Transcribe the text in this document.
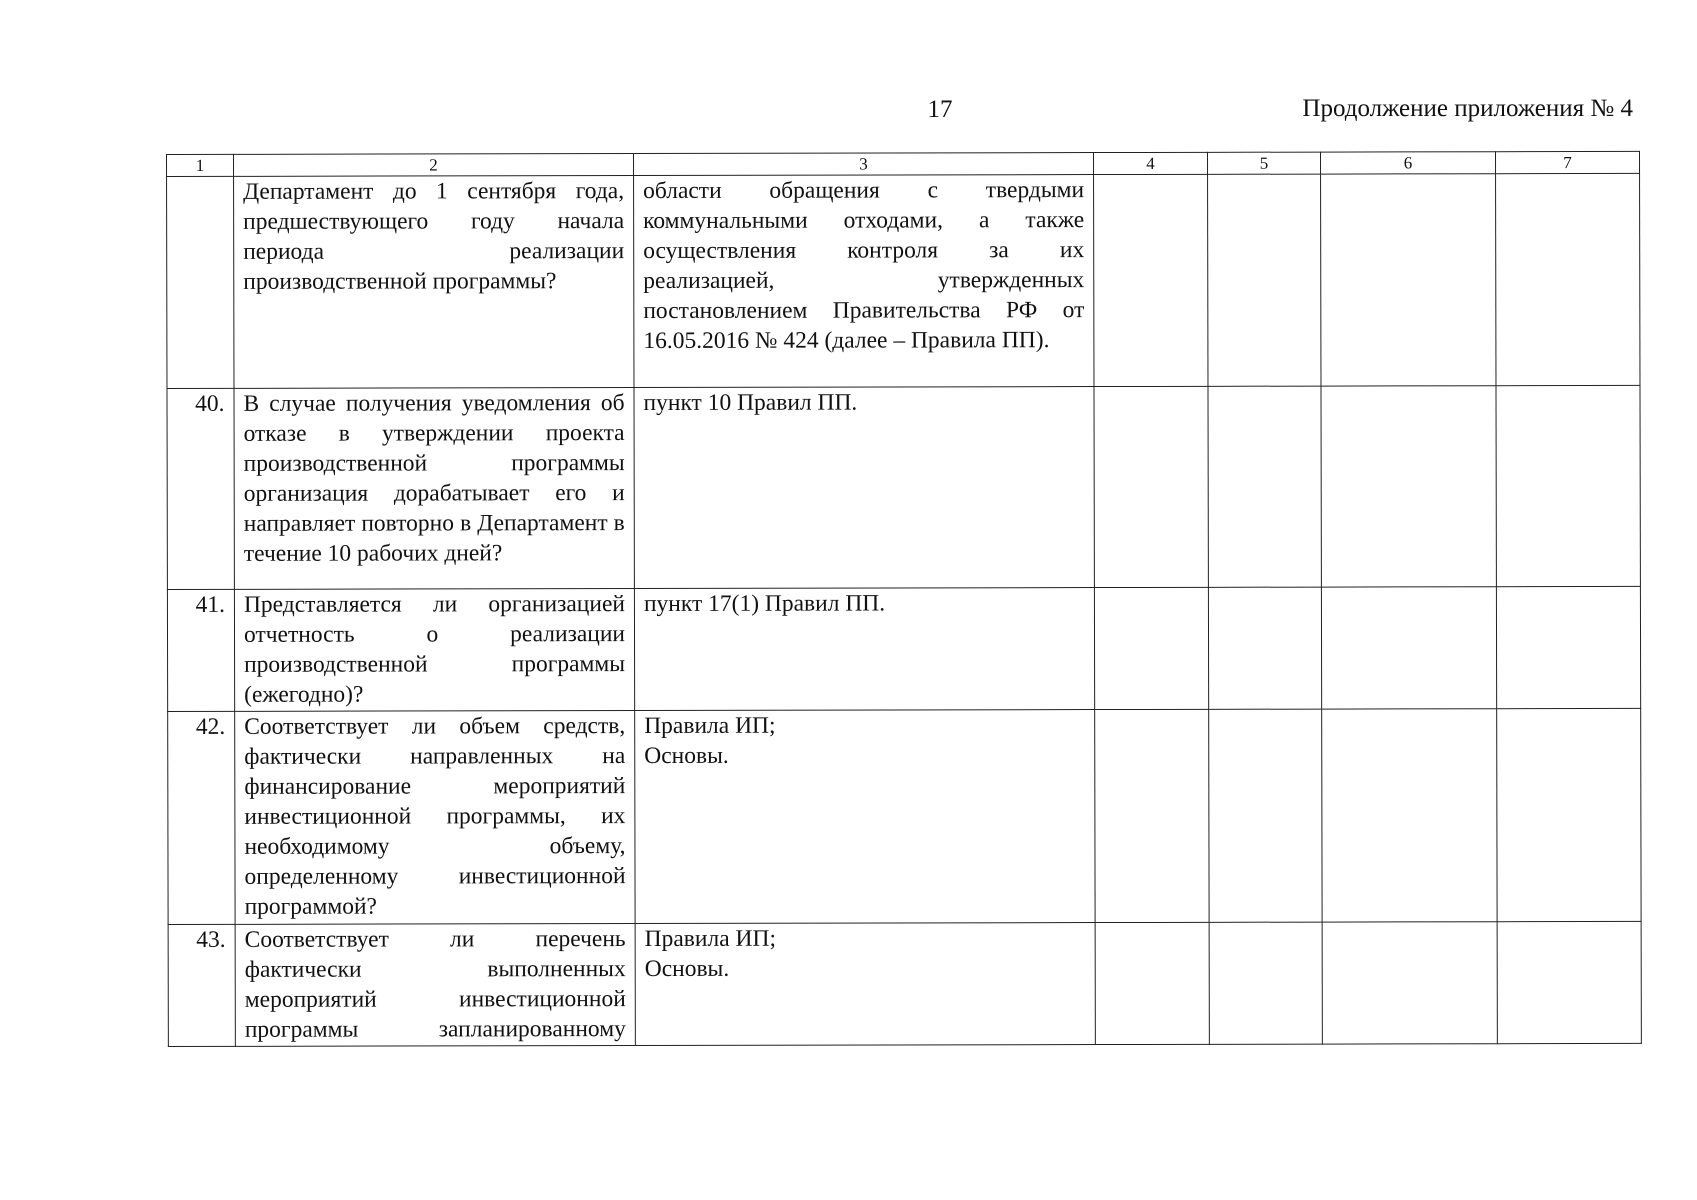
17	Продолжение приложения № 4
1	2	3	4	5	6	7
	Департамент до 1 сентября года, предшествующего году начала периода реализации производственной программы?	области обращения с твердыми коммунальными отходами, а также осуществления контроля за их реализацией, утвержденных постановлением Правительства РФ от 16.05.2016 № 424 (далее – Правила ПП).				
40.	В случае получения уведомления об отказе в утверждении проекта производственной программы организация дорабатывает его и направляет повторно в Департамент в течение 10 рабочих дней?	пункт 10 Правил ПП.				
41.	Представляется ли организацией отчетность о реализации производственной программы (ежегодно)?	пункт 17(1) Правил ПП.				
42.	Соответствует ли объем средств, фактически направленных на финансирование мероприятий инвестиционной программы, их необходимому объему, определенному инвестиционной программой?	Правила ИП;
Основы.				

43.	Соответствует ли перечень фактически выполненных мероприятий инвестиционной программы запланированному	Правила ИП;
Основы.				
